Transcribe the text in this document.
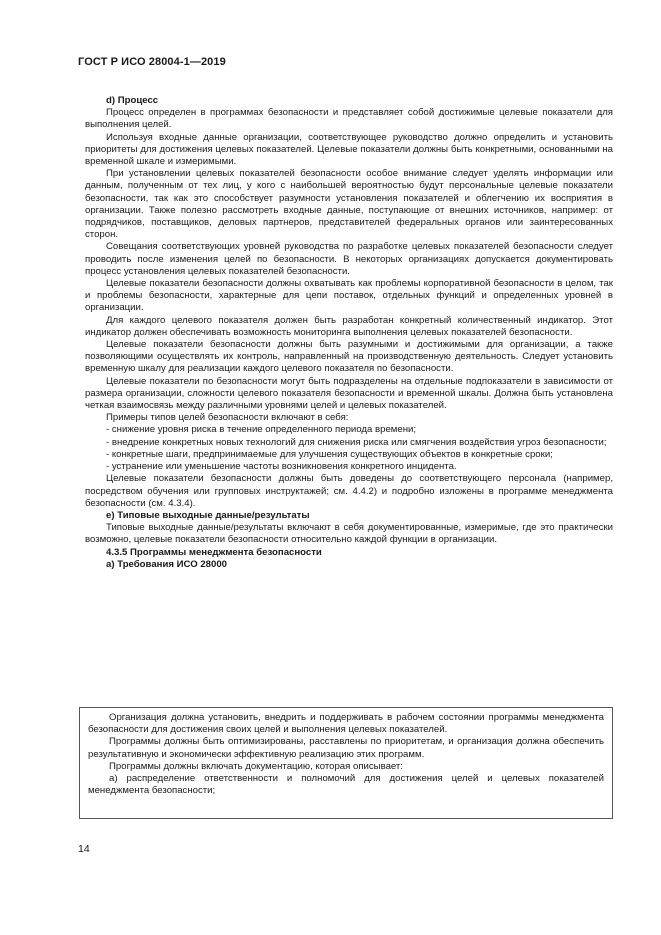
ГОСТ Р ИСО 28004-1—2019

d) Процесс

Процесс определен в программах безопасности и представляет собой достижимые целевые показатели для выполнения целей.

Используя входные данные организации, соответствующее руководство должно определить и установить приоритеты для достижения целевых показателей. Целевые показатели должны быть конкретными, основанными на временной шкале и измеримыми.

При установлении целевых показателей безопасности особое внимание следует уделять информации или данным, полученным от тех лиц, у кого с наибольшей вероятностью будут персональные целевые показатели безопасности, так как это способствует разумности установления показателей и облегчению их восприятия в организации. Также полезно рассмотреть входные данные, поступающие от внешних источников, например: от подрядчиков, поставщиков, деловых партнеров, представителей федеральных органов или заинтересованных сторон.

Совещания соответствующих уровней руководства по разработке целевых показателей безопасности следует проводить после изменения целей по безопасности. В некоторых организациях допускается документировать процесс установления целевых показателей безопасности.

Целевые показатели безопасности должны охватывать как проблемы корпоративной безопасности в целом, так и проблемы безопасности, характерные для цепи поставок, отдельных функций и определенных уровней в организации.

Для каждого целевого показателя должен быть разработан конкретный количественный индикатор. Этот индикатор должен обеспечивать возможность мониторинга выполнения целевых показателей безопасности.

Целевые показатели безопасности должны быть разумными и достижимыми для организации, а также позволяющими осуществлять их контроль, направленный на производственную деятельность. Следует установить временную шкалу для реализации каждого целевого показателя по безопасности.

Целевые показатели по безопасности могут быть подразделены на отдельные подпоказатели в зависимости от размера организации, сложности целевого показателя безопасности и временной шкалы. Должна быть установлена четкая взаимосвязь между различными уровнями целей и целевых показателей.

Примеры типов целей безопасности включают в себя:

- снижение уровня риска в течение определенного периода времени;

- внедрение конкретных новых технологий для снижения риска или смягчения воздействия угроз безопасности;

- конкретные шаги, предпринимаемые для улучшения существующих объектов в конкретные сроки;

- устранение или уменьшение частоты возникновения конкретного инцидента.

Целевые показатели безопасности должны быть доведены до соответствующего персонала (например, посредством обучения или групповых инструктажей; см. 4.4.2) и подробно изложены в программе менеджмента безопасности (см. 4.3.4).

e) Типовые выходные данные/результаты

Типовые выходные данные/результаты включают в себя документированные, измеримые, где это практически возможно, целевые показатели безопасности относительно каждой функции в организации.

4.3.5 Программы менеджмента безопасности

а) Требования ИСО 28000

Организация должна установить, внедрить и поддерживать в рабочем состоянии программы менеджмента безопасности для достижения своих целей и выполнения целевых показателей.

Программы должны быть оптимизированы, расставлены по приоритетам, и организация должна обеспечить результативную и экономически эффективную реализацию этих программ.

Программы должны включать документацию, которая описывает:

а) распределение ответственности и полномочий для достижения целей и целевых показателей менеджмента безопасности;

14
